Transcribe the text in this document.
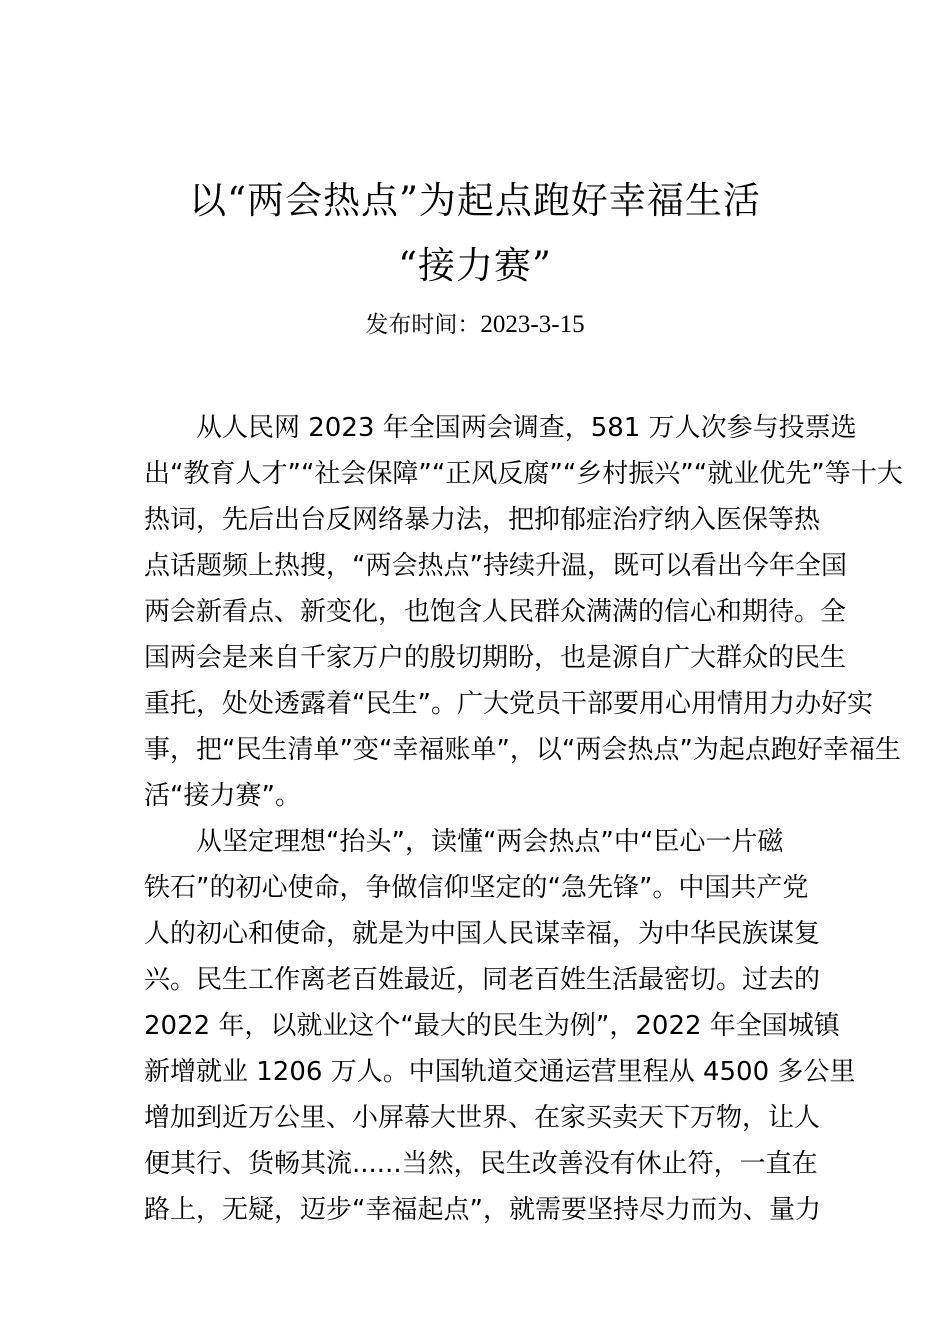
以“两会热点”为起点跑好幸福生活
“接力赛”
发布时间：2023-3-15
从人民网 2023 年全国两会调查，581 万人次参与投票选
出“教育人才”“社会保障”“正风反腐”“乡村振兴”“就业优先”等十大
热词，先后出台反网络暴力法，把抑郁症治疗纳入医保等热
点话题频上热搜，“两会热点”持续升温，既可以看出今年全国
两会新看点、新变化，也饱含人民群众满满的信心和期待。全
国两会是来自千家万户的殷切期盼，也是源自广大群众的民生
重托，处处透露着“民生”。广大党员干部要用心用情用力办好实
事，把“民生清单”变“幸福账单”，以“两会热点”为起点跑好幸福生
活“接力赛”。
从坚定理想“抬头”，读懂“两会热点”中“臣心一片磁
铁石”的初心使命，争做信仰坚定的“急先锋”。中国共产党
人的初心和使命，就是为中国人民谋幸福，为中华民族谋复
兴。民生工作离老百姓最近，同老百姓生活最密切。过去的
2022 年，以就业这个“最大的民生为例”，2022 年全国城镇
新增就业 1206 万人。中国轨道交通运营里程从 4500 多公里
增加到近万公里、小屏幕大世界、在家买卖天下万物，让人
便其行、货畅其流......当然，民生改善没有休止符，一直在
路上，无疑，迈步“幸福起点”，就需要坚持尽力而为、量力
